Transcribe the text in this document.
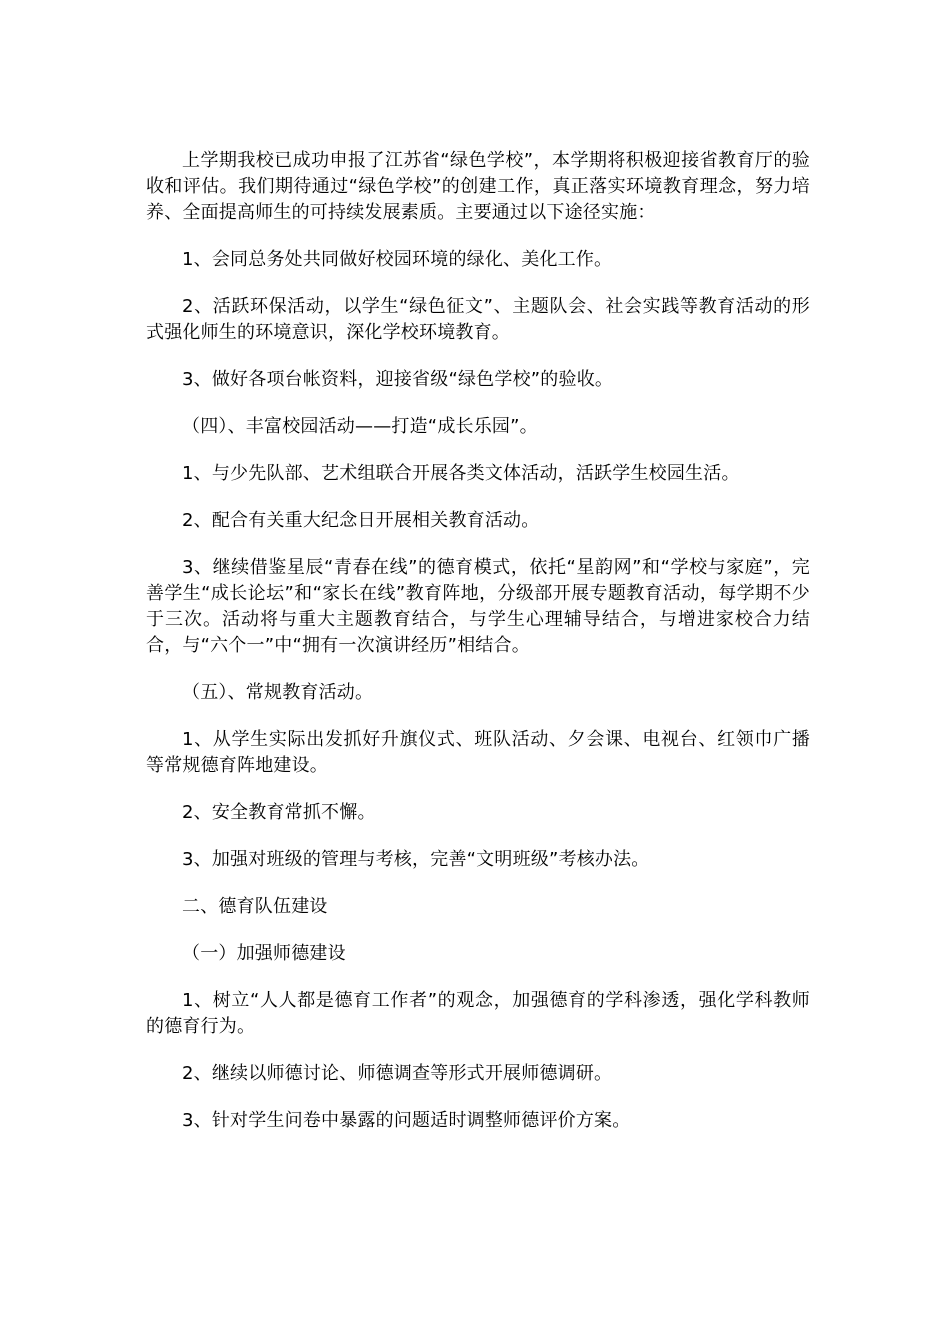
上学期我校已成功申报了江苏省“绿色学校”，本学期将积极迎接省教育厅的验收和评估。我们期待通过“绿色学校”的创建工作，真正落实环境教育理念，努力培养、全面提高师生的可持续发展素质。主要通过以下途径实施：

1、会同总务处共同做好校园环境的绿化、美化工作。

2、活跃环保活动，以学生“绿色征文”、主题队会、社会实践等教育活动的形式强化师生的环境意识，深化学校环境教育。

3、做好各项台帐资料，迎接省级“绿色学校”的验收。

（四）、丰富校园活动——打造“成长乐园”。

1、与少先队部、艺术组联合开展各类文体活动，活跃学生校园生活。

2、配合有关重大纪念日开展相关教育活动。

3、继续借鉴星辰“青春在线”的德育模式，依托“星韵网”和“学校与家庭”，完善学生“成长论坛”和“家长在线”教育阵地，分级部开展专题教育活动，每学期不少于三次。活动将与重大主题教育结合，与学生心理辅导结合，与增进家校合力结合，与“六个一”中“拥有一次演讲经历”相结合。

（五）、常规教育活动。

1、从学生实际出发抓好升旗仪式、班队活动、夕会课、电视台、红领巾广播等常规德育阵地建设。

2、安全教育常抓不懈。

3、加强对班级的管理与考核，完善“文明班级”考核办法。

二、德育队伍建设

（一）加强师德建设

1、树立“人人都是德育工作者”的观念，加强德育的学科渗透，强化学科教师的德育行为。

2、继续以师德讨论、师德调查等形式开展师德调研。

3、针对学生问卷中暴露的问题适时调整师德评价方案。
